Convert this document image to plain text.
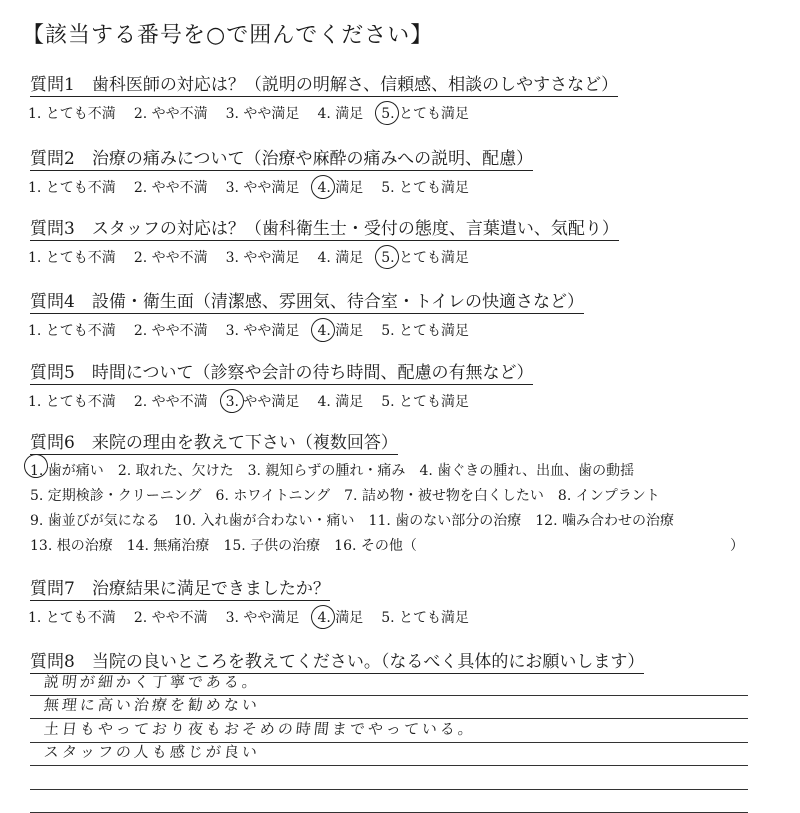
【該当する番号を○で囲んでください】
質問1　歯科医師の対応は？（説明の明解さ、信頼感、相談のしやすさなど）
1. とても不満 2. やや不満 3. やや満足 4. 満足 5. とても満足
質問2　治療の痛みについて（治療や麻酔の痛みへの説明、配慮）
1. とても不満 2. やや不満 3. やや満足 4. 満足 5. とても満足
質問3　スタッフの対応は？（歯科衛生士・受付の態度、言葉遣い、気配り）
1. とても不満 2. やや不満 3. やや満足 4. 満足 5. とても満足
質問4　設備・衛生面（清潔感、雰囲気、待合室・トイレの快適さなど）
1. とても不満 2. やや不満 3. やや満足 4. 満足 5. とても満足
質問5　時間について（診察や会計の待ち時間、配慮の有無など）
1. とても不満 2. やや不満 3. やや満足 4. 満足 5. とても満足
質問6　来院の理由を教えて下さい（複数回答）
1. 歯が痛い 2. 取れた、欠けた 3. 親知らずの腫れ・痛み 4. 歯ぐきの腫れ、出血、歯の動揺
5. 定期検診・クリーニング 6. ホワイトニング 7. 詰め物・被せ物を白くしたい 8. インプラント
9. 歯並びが気になる 10. 入れ歯が合わない・痛い 11. 歯のない部分の治療 12. 噛み合わせの治療
13. 根の治療 14. 無痛治療 15. 子供の治療 16. その他（	）
質問7　治療結果に満足できましたか？
1. とても不満 2. やや不満 3. やや満足 4. 満足 5. とても満足
質問8　当院の良いところを教えてください。（なるべく具体的にお願いします）
説明が細かく丁寧である。
無理に高い治療を勧めない
土日もやっており夜もおそめの時間までやっている。
スタッフの人も感じが良い
